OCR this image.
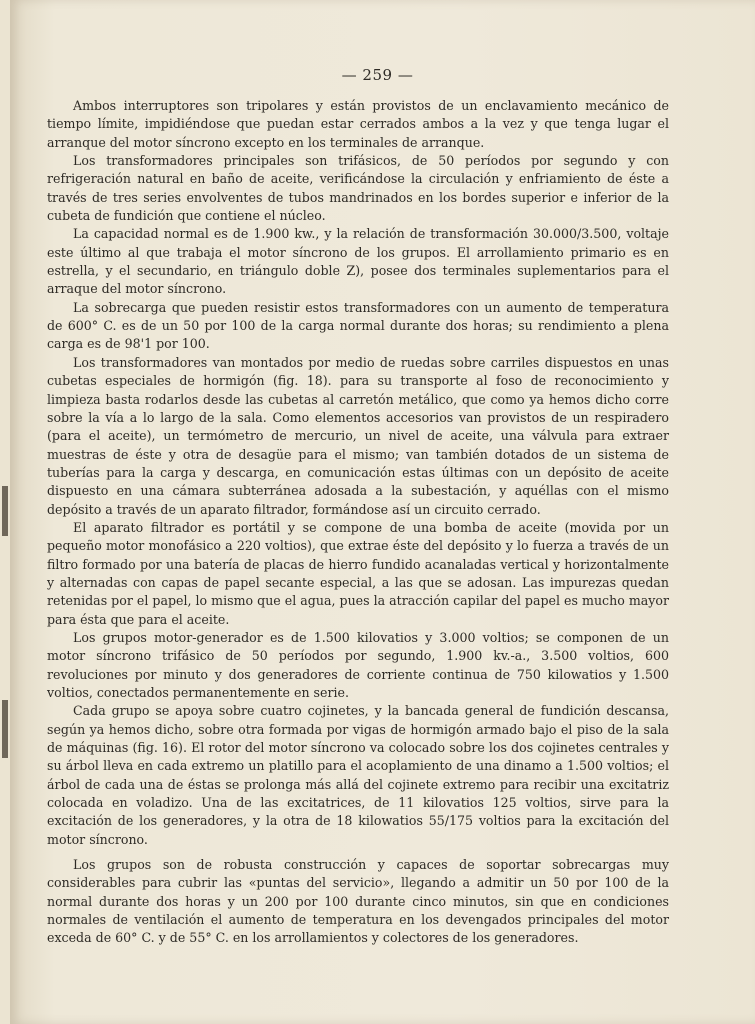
— 259 —

Ambos interruptores son tripolares y están provistos de un enclavamiento mecánico de tiempo límite, impidiéndose que puedan estar cerrados ambos a la vez y que tenga lugar el arranque del motor síncrono excepto en los terminales de arranque.

Los transformadores principales son trifásicos, de 50 períodos por segundo y con refrigeración natural en baño de aceite, verificándose la circulación y enfriamiento de éste a través de tres series envolventes de tubos mandrinados en los bordes superior e inferior de la cubeta de fundición que contiene el núcleo.

La capacidad normal es de 1.900 kw., y la relación de transformación 30.000/3.500, voltaje este último al que trabaja el motor síncrono de los grupos. El arrollamiento primario es en estrella, y el secundario, en triángulo doble Z), posee dos terminales suplementarios para el arraque del motor síncrono.

La sobrecarga que pueden resistir estos transformadores con un aumento de temperatura de 600° C. es de un 50 por 100 de la carga normal durante dos horas; su rendimiento a plena carga es de 98'1 por 100.

Los transformadores van montados por medio de ruedas sobre carriles dispuestos en unas cubetas especiales de hormigón (fig. 18). para su transporte al foso de reconocimiento y limpieza basta rodarlos desde las cubetas al carretón metálico, que como ya hemos dicho corre sobre la vía a lo largo de la sala. Como elementos accesorios van provistos de un respiradero (para el aceite), un termómetro de mercurio, un nivel de aceite, una válvula para extraer muestras de éste y otra de desagüe para el mismo; van también dotados de un sistema de tuberías para la carga y descarga, en comunicación estas últimas con un depósito de aceite dispuesto en una cámara subterránea adosada a la subestación, y aquéllas con el mismo depósito a través de un aparato filtrador, formándose así un circuito cerrado.

El aparato filtrador es portátil y se compone de una bomba de aceite (movida por un pequeño motor monofásico a 220 voltios), que extrae éste del depósito y lo fuerza a través de un filtro formado por una batería de placas de hierro fundido acanaladas vertical y horizontalmente y alternadas con capas de papel secante especial, a las que se adosan. Las impurezas quedan retenidas por el papel, lo mismo que el agua, pues la atracción capilar del papel es mucho mayor para ésta que para el aceite.

Los grupos motor-generador es de 1.500 kilovatios y 3.000 voltios; se componen de un motor síncrono trifásico de 50 períodos por segundo, 1.900 kv.-a., 3.500 voltios, 600 revoluciones por minuto y dos generadores de corriente continua de 750 kilowatios y 1.500 voltios, conectados permanentemente en serie.

Cada grupo se apoya sobre cuatro cojinetes, y la bancada general de fundición descansa, según ya hemos dicho, sobre otra formada por vigas de hormigón armado bajo el piso de la sala de máquinas (fig. 16). El rotor del motor síncrono va colocado sobre los dos cojinetes centrales y su árbol lleva en cada extremo un platillo para el acoplamiento de una dinamo a 1.500 voltios; el árbol de cada una de éstas se prolonga más allá del cojinete extremo para recibir una excitatriz colocada en voladizo. Una de las excitatrices, de 11 kilovatios 125 voltios, sirve para la excitación de los generadores, y la otra de 18 kilowatios 55/175 voltios para la excitación del motor síncrono.

Los grupos son de robusta construcción y capaces de soportar sobrecargas muy considerables para cubrir las «puntas del servicio», llegando a admitir un 50 por 100 de la normal durante dos horas y un 200 por 100 durante cinco minutos, sin que en condiciones normales de ventilación el aumento de temperatura en los devengados principales del motor exceda de 60° C. y de 55° C. en los arrollamientos y colectores de los generadores.
